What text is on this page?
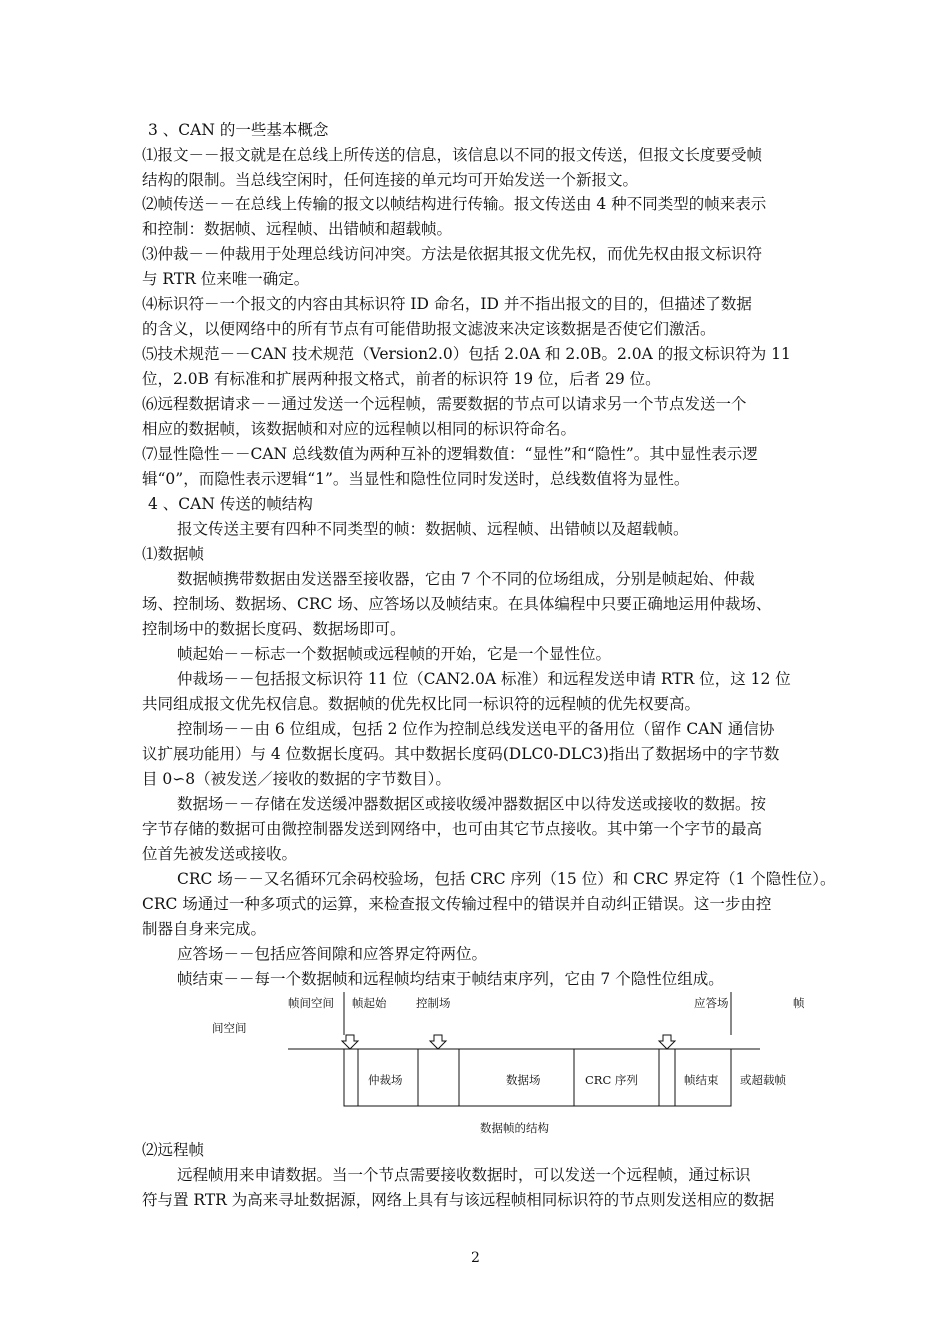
3 、CAN 的一些基本概念
⑴报文－－报文就是在总线上所传送的信息，该信息以不同的报文传送，但报文长度要受帧
结构的限制。当总线空闲时，任何连接的单元均可开始发送一个新报文。
⑵帧传送－－在总线上传输的报文以帧结构进行传输。报文传送由 4 种不同类型的帧来表示
和控制：数据帧、远程帧、出错帧和超载帧。
⑶仲裁－－仲裁用于处理总线访问冲突。方法是依据其报文优先权，而优先权由报文标识符
与 RTR 位来唯一确定。
⑷标识符－一个报文的内容由其标识符 ID 命名，ID 并不指出报文的目的，但描述了数据
的含义，以便网络中的所有节点有可能借助报文滤波来决定该数据是否使它们激活。
⑸技术规范－－CAN 技术规范（Version2.0）包括 2.0A 和 2.0B。2.0A 的报文标识符为 11
位，2.0B 有标准和扩展两种报文格式，前者的标识符 19 位，后者 29 位。
⑹远程数据请求－－通过发送一个远程帧，需要数据的节点可以请求另一个节点发送一个
相应的数据帧，该数据帧和对应的远程帧以相同的标识符命名。
⑺显性隐性－－CAN 总线数值为两种互补的逻辑数值：“显性”和“隐性”。其中显性表示逻
辑“0”，而隐性表示逻辑“1”。当显性和隐性位同时发送时，总线数值将为显性。
4 、CAN 传送的帧结构
报文传送主要有四种不同类型的帧：数据帧、远程帧、出错帧以及超载帧。
⑴数据帧
数据帧携带数据由发送器至接收器，它由 7 个不同的位场组成，分别是帧起始、仲裁
场、控制场、数据场、CRC 场、应答场以及帧结束。在具体编程中只要正确地运用仲裁场、
控制场中的数据长度码、数据场即可。
帧起始－－标志一个数据帧或远程帧的开始，它是一个显性位。
仲裁场－－包括报文标识符 11 位（CAN2.0A 标准）和远程发送申请 RTR 位，这 12 位
共同组成报文优先权信息。数据帧的优先权比同一标识符的远程帧的优先权要高。
控制场－－由 6 位组成，包括 2 位作为控制总线发送电平的备用位（留作 CAN 通信协
议扩展功能用）与 4 位数据长度码。其中数据长度码(DLC0-DLC3)指出了数据场中的字节数
目 0∽8（被发送／接收的数据的字节数目）。
数据场－－存储在发送缓冲器数据区或接收缓冲器数据区中以待发送或接收的数据。按
字节存储的数据可由微控制器发送到网络中，也可由其它节点接收。其中第一个字节的最高
位首先被发送或接收。
CRC 场－－又名循环冗余码校验场，包括 CRC 序列（15 位）和 CRC 界定符（1 个隐性位）。
CRC 场通过一种多项式的运算，来检查报文传输过程中的错误并自动纠正错误。这一步由控
制器自身来完成。
应答场－－包括应答间隙和应答界定符两位。
帧结束－－每一个数据帧和远程帧均结束于帧结束序列，它由 7 个隐性位组成。
帧间空间 帧起始	控制场	应答场	帧
间空间
仲裁场	数据场	CRC 序列	帧结束 或超载帧
数据帧的结构
⑵远程帧
远程帧用来申请数据。当一个节点需要接收数据时，可以发送一个远程帧，通过标识
符与置 RTR 为高来寻址数据源，网络上具有与该远程帧相同标识符的节点则发送相应的数据
2
